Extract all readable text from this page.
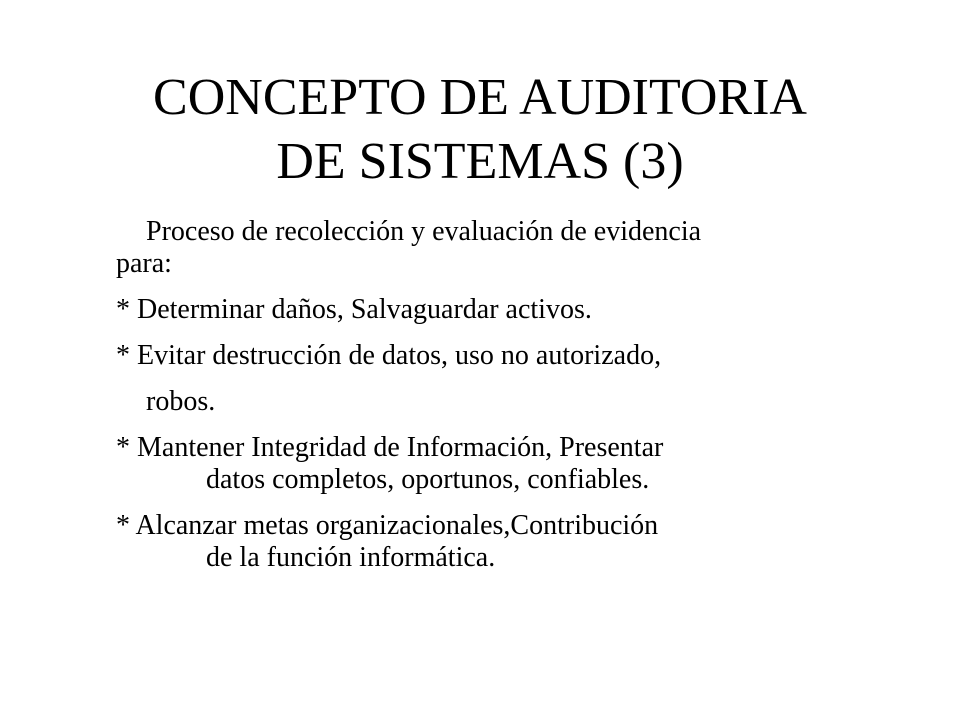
CONCEPTO DE AUDITORIA
DE SISTEMAS (3)
Proceso de recolección y evaluación de evidencia
para:
* Determinar daños, Salvaguardar activos.
* Evitar destrucción de datos, uso no autorizado,
robos.
* Mantener Integridad de Información, Presentar
datos completos, oportunos, confiables.
* Alcanzar metas organizacionales,Contribución
de la función informática.
